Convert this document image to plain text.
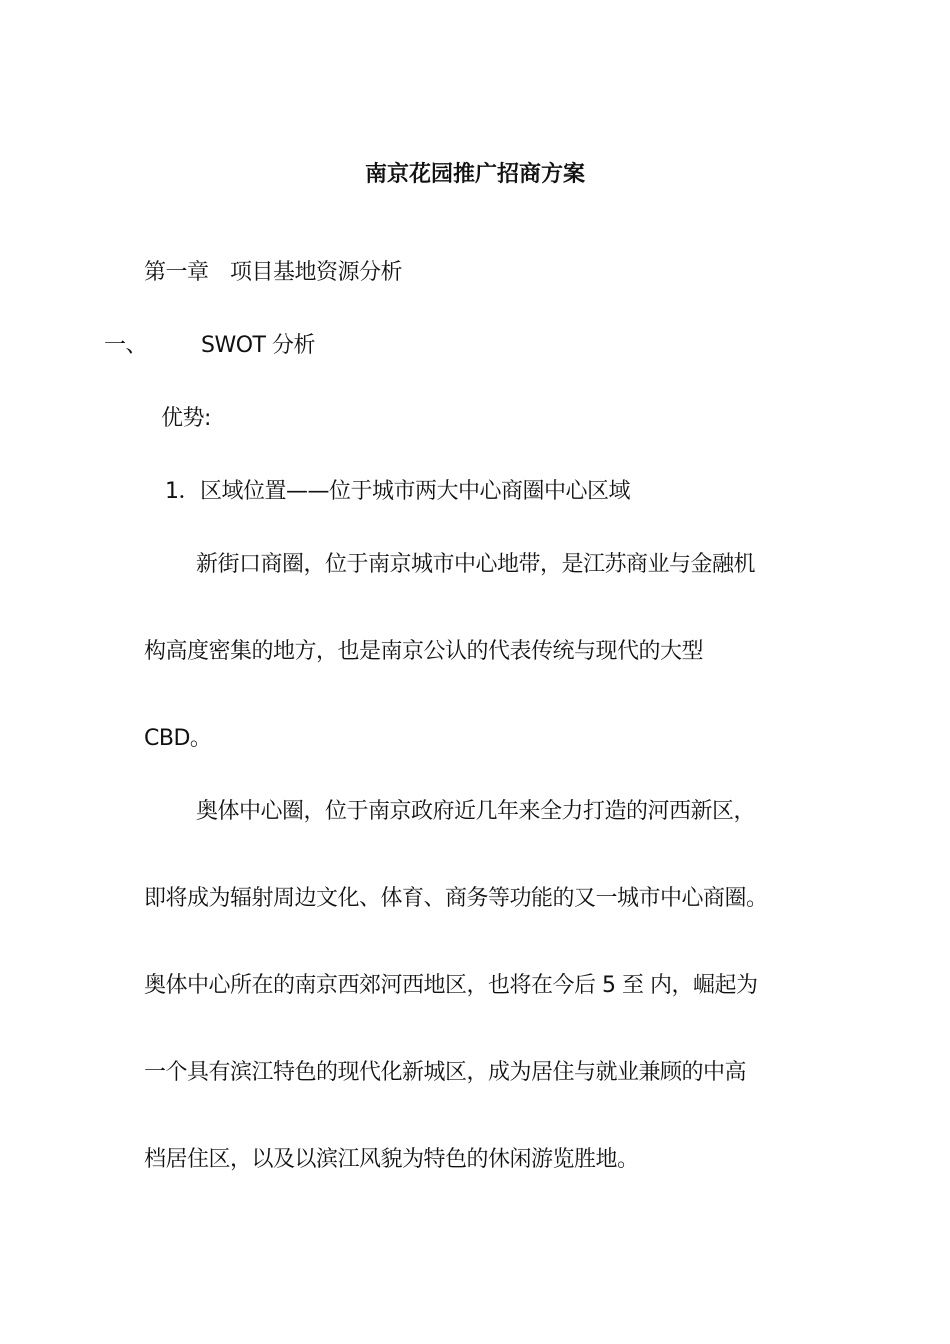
南京花园推广招商方案
第一章　项目基地资源分析
一、 SWOT 分析
优势:
1．区域位置——位于城市两大中心商圈中心区域
新街口商圈，位于南京城市中心地带，是江苏商业与金融机
构高度密集的地方，也是南京公认的代表传统与现代的大型
CBD。
奥体中心圈，位于南京政府近几年来全力打造的河西新区，
即将成为辐射周边文化、体育、商务等功能的又一城市中心商圈。
奥体中心所在的南京西郊河西地区，也将在今后 5 至 内，崛起为
一个具有滨江特色的现代化新城区，成为居住与就业兼顾的中高
档居住区，以及以滨江风貌为特色的休闲游览胜地。
